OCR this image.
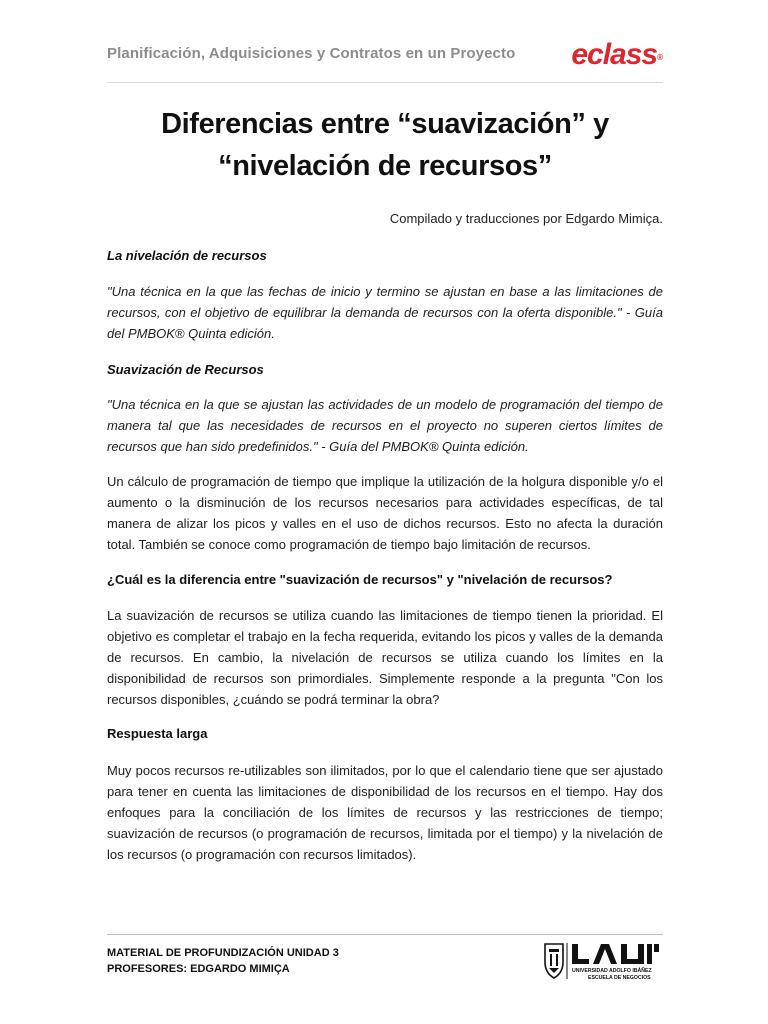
Planificación, Adquisiciones y Contratos en un Proyecto eclass®
Diferencias entre “suavización” y
“nivelación de recursos”
Compilado y traducciones por Edgardo Mimiça.
La nivelación de recursos

"Una técnica en la que las fechas de inicio y termino se ajustan en base a las limitaciones de recursos, con el objetivo de equilibrar la demanda de recursos con la oferta disponible." - Guía del PMBOK® Quinta edición.

Suavización de Recursos

"Una técnica en la que se ajustan las actividades de un modelo de programación del tiempo de manera tal que las necesidades de recursos en el proyecto no superen ciertos límites de recursos que han sido predefinidos." - Guía del PMBOK® Quinta edición.

Un cálculo de programación de tiempo que implique la utilización de la holgura disponible y/o el aumento o la disminución de los recursos necesarios para actividades específicas, de tal manera de alizar los picos y valles en el uso de dichos recursos. Esto no afecta la duración total. También se conoce como programación de tiempo bajo limitación de recursos.

¿Cuál es la diferencia entre "suavización de recursos" y "nivelación de recursos?

La suavización de recursos se utiliza cuando las limitaciones de tiempo tienen la prioridad. El objetivo es completar el trabajo en la fecha requerida, evitando los picos y valles de la demanda de recursos. En cambio, la nivelación de recursos se utiliza cuando los límites en la disponibilidad de recursos son primordiales. Simplemente responde a la pregunta "Con los recursos disponibles, ¿cuándo se podrá terminar la obra?

Respuesta larga

Muy pocos recursos re-utilizables son ilimitados, por lo que el calendario tiene que ser ajustado para tener en cuenta las limitaciones de disponibilidad de los recursos en el tiempo. Hay dos enfoques para la conciliación de los límites de recursos y las restricciones de tiempo; suavización de recursos (o programación de recursos, limitada por el tiempo) y la nivelación de los recursos (o programación con recursos limitados).

MATERIAL DE PROFUNDIZACIÓN UNIDAD 3
PROFESORES: EDGARDO MIMIÇA	UNIVERSIDAD ADOLFO IBÁÑEZ
ESCUELA DE NEGOCIOS
